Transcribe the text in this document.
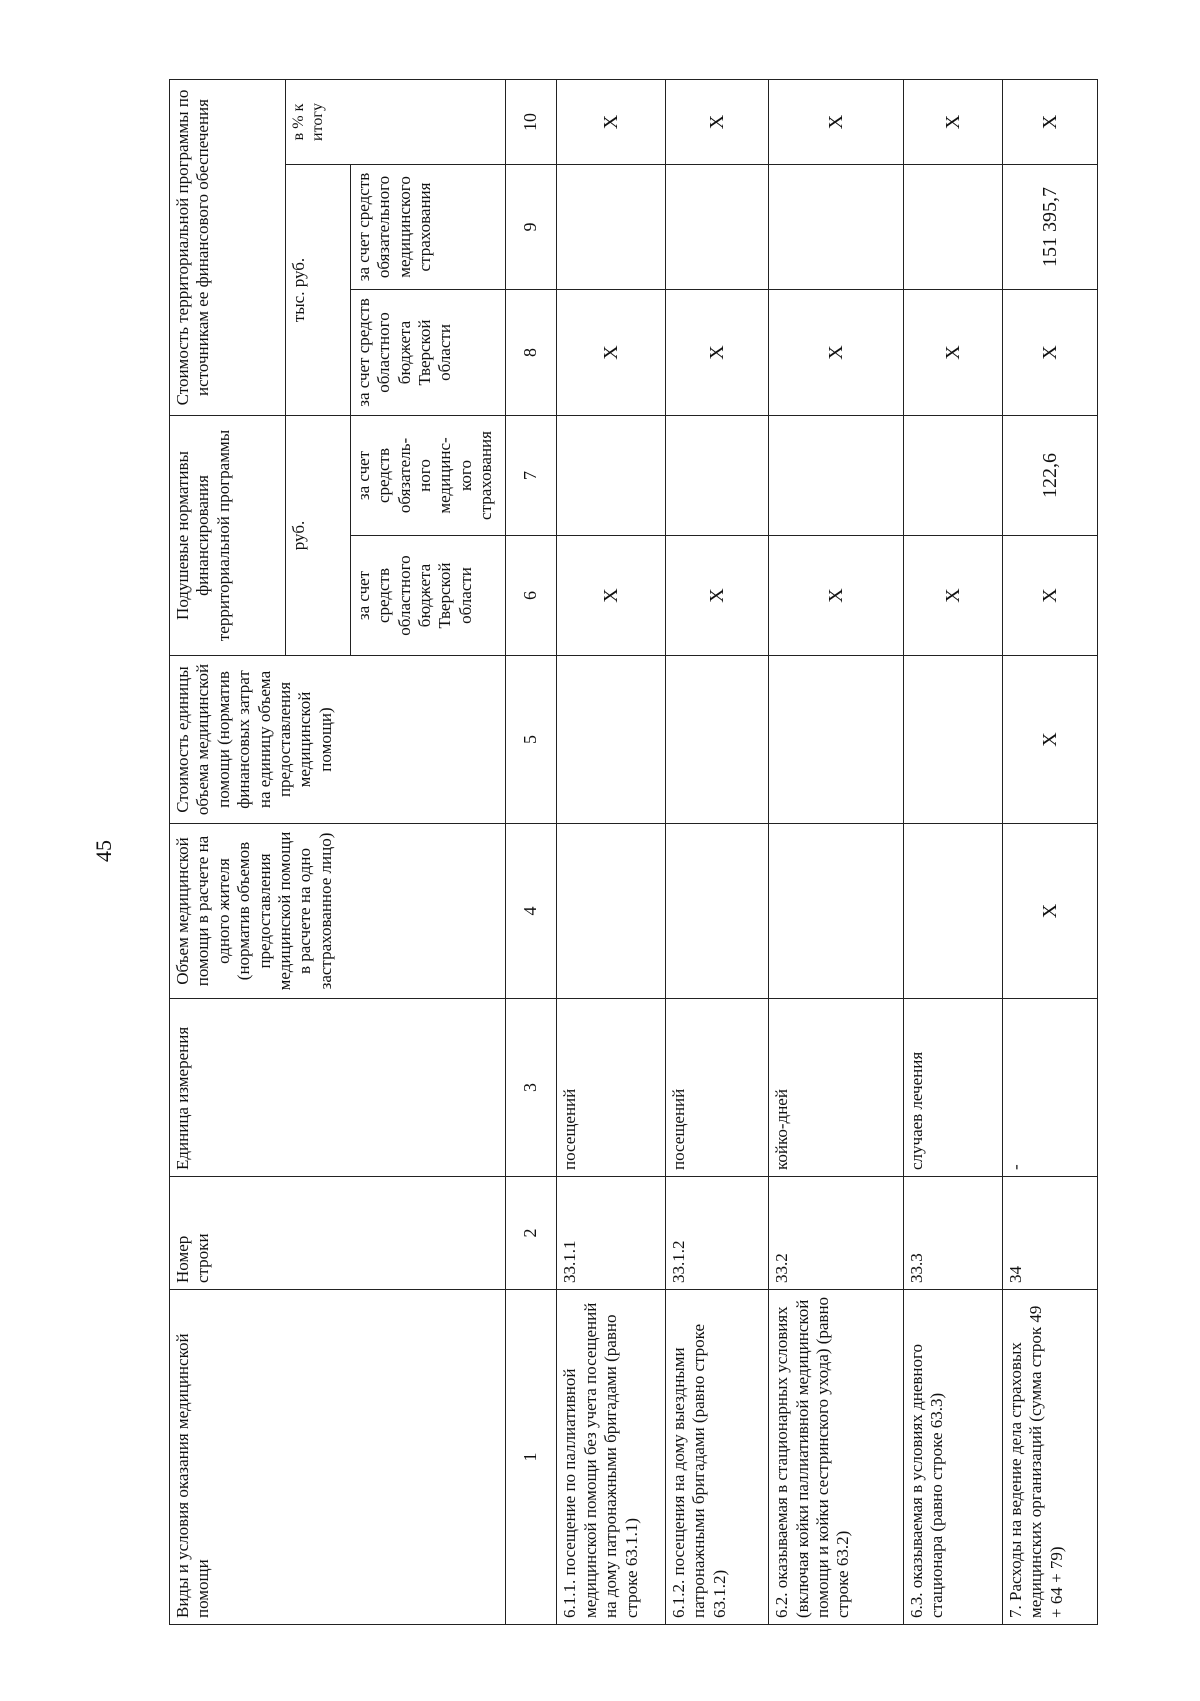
45
Виды и условия оказания медицинской помощи	Номер строки	Единица измерения	Объем медицинской помощи в расчете на одного жителя (норматив объемов предоставления медицинской помощи в расчете на одно застрахованное лицо)	Стоимость единицы объема медицинской помощи (норматив финансовых затрат на единицу объема предоставления медицинской помощи)	Подушевые нормативы финансирования территориальной программы		Стоимость территориальной программы по источникам ее финансового обеспечения		
					руб.		тыс. руб.		в % к итогу
					за счет средств областного бюджета Тверской области	за счет средств обязатель-ного медицинс-кого страхования	за счет средств областного бюджета Тверской области	за счет средств обязательного медицинского страхования	
1	2	3	4	5	6	7	8	9	10
6.1.1. посещение по паллиативной медицинской помощи без учета посещений на дому патронажными бригадами (равно строке 63.1.1)	33.1.1	посещений			Х		Х		Х
6.1.2. посещения на дому выездными патронажными бригадами (равно строке 63.1.2)	33.1.2	посещений			Х		Х		Х
6.2. оказываемая в стационарных условиях (включая койки паллиативной медицинской помощи и койки сестринского ухода) (равно строке 63.2)	33.2	койко-дней			Х		Х		Х
6.3. оказываемая в условиях дневного стационара (равно строке 63.3)	33.3	случаев лечения			Х		Х		Х
7. Расходы на ведение дела страховых медицинских организаций (сумма строк 49 + 64 + 79)	34	-	Х	Х	Х	122,6	Х	151 395,7	Х
